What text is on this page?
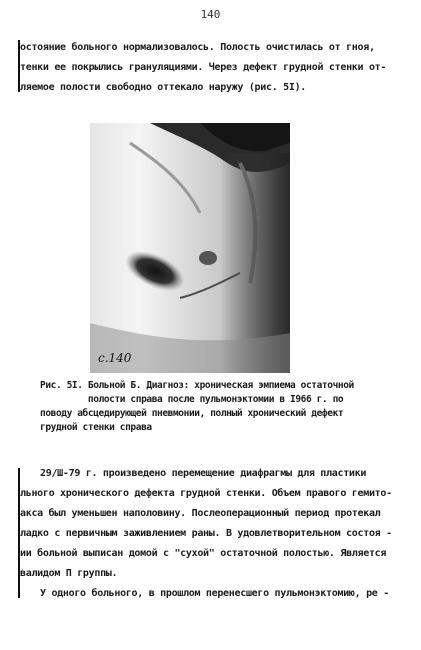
140
остояние больного нормализовалось. Полость очистилась от гноя,
тенки ее покрылись грануляциями. Через дефект грудной стенки от-
ляемое полости свободно оттекало наружу (рис. 5I).
с.140
Рис. 5I. Больной Б. Диагноз: хроническая эмпиема остаточной
полости справа после пульмонэктомии в I966 г. по
поводу абсцедирующей пневмонии, полный хронический дефект
грудной стенки справа
29/Ш-79 г. произведено перемещение диафрагмы для пластики
льного хронического дефекта грудной стенки. Объем правого гемито-
акса был уменьшен наполовину. Послеоперационный период протекал
ладко с первичным заживлением раны. В удовлетворительном состоя -
ии больной выписан домой с "сухой" остаточной полостью. Является
валидом П группы.
У одного больного, в прошлом перенесшего пульмонэктомию, ре -
